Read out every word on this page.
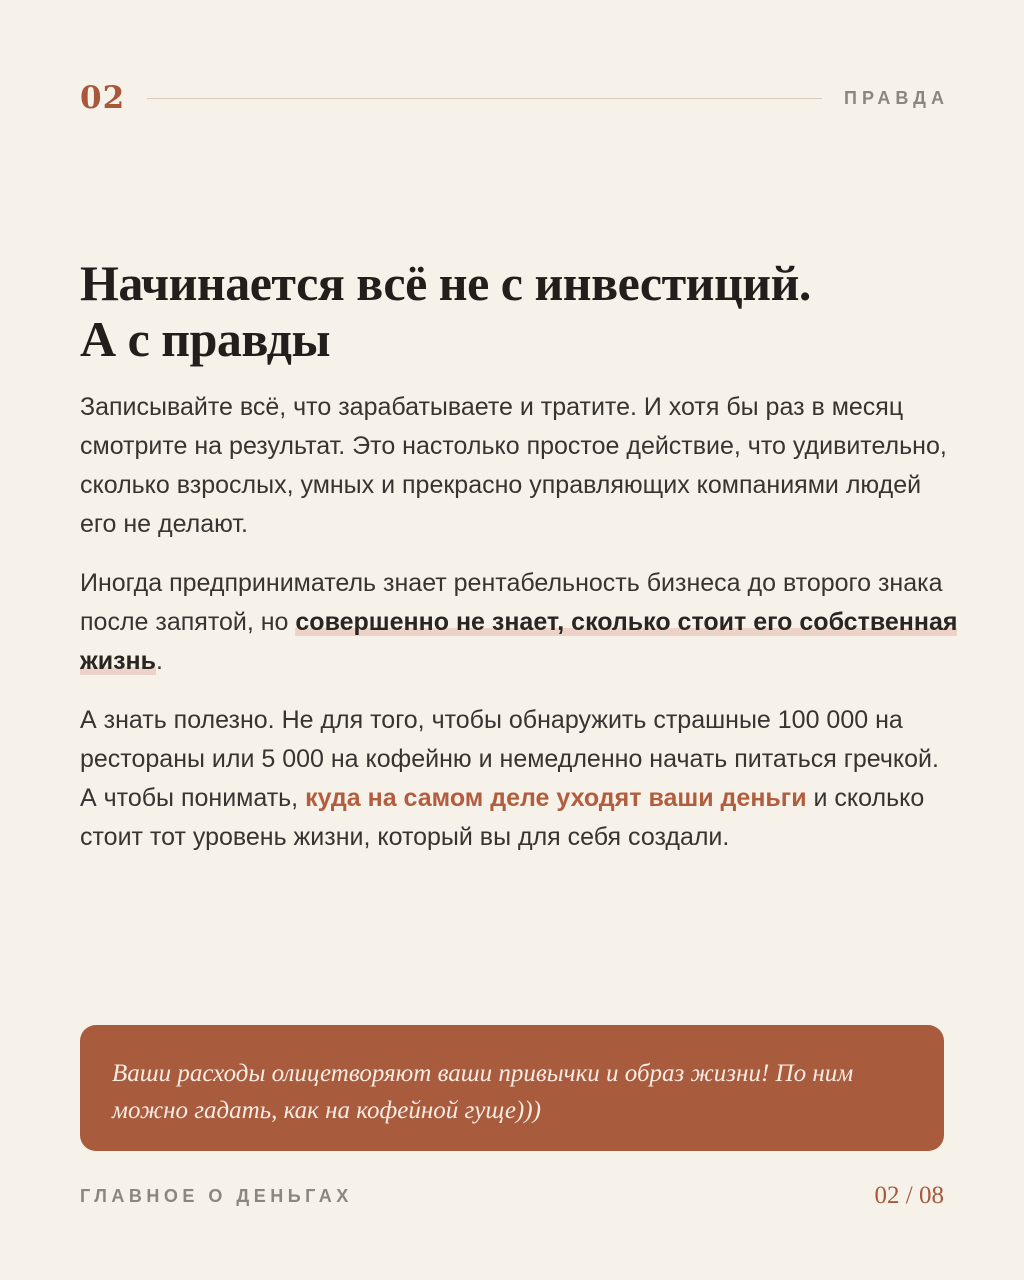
02	ПРАВДА
Начинается всё не с инвестиций.
А с правды

Записывайте всё, что зарабатываете и тратите. И хотя бы раз в месяц смотрите на результат. Это настолько простое действие, что удивительно, сколько взрослых, умных и прекрасно управляющих компаниями людей его не делают.

Иногда предприниматель знает рентабельность бизнеса до второго знака после запятой, но совершенно не знает, сколько стоит его собственная жизнь.

А знать полезно. Не для того, чтобы обнаружить страшные 100 000 на рестораны или 5 000 на кофейню и немедленно начать питаться гречкой. А чтобы понимать, куда на самом деле уходят ваши деньги и сколько стоит тот уровень жизни, который вы для себя создали.

Ваши расходы олицетворяют ваши привычки и образ жизни! По ним можно гадать, как на кофейной гуще)))

ГЛАВНОЕ О ДЕНЬГАХ	02 / 08
